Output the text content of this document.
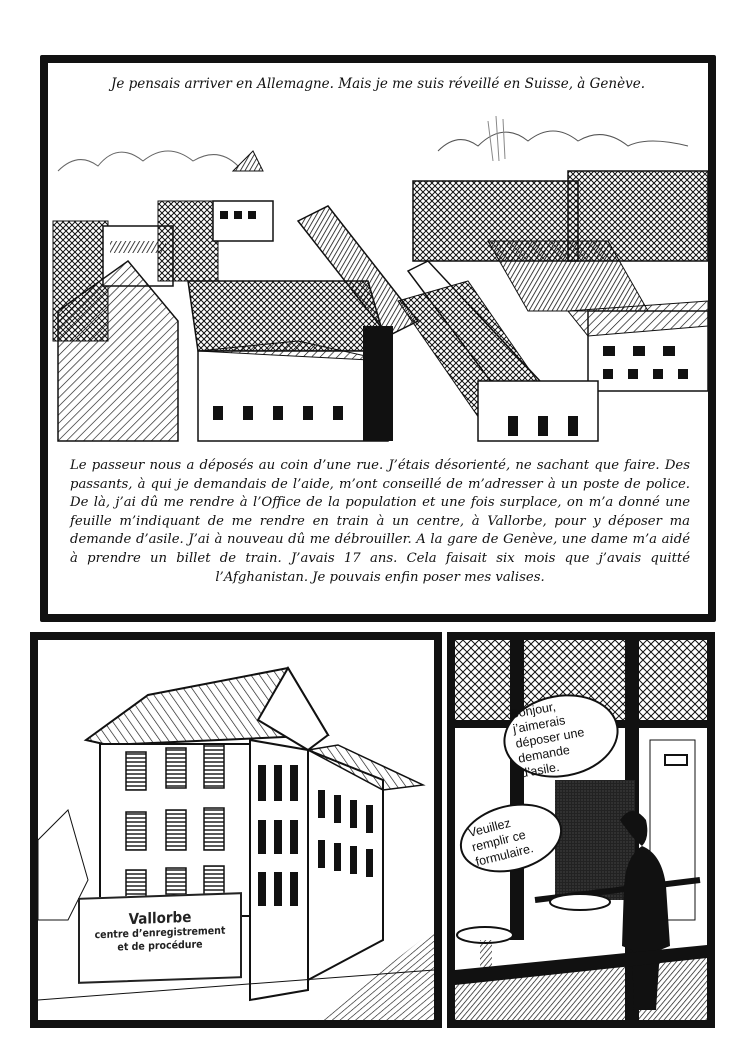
Je pensais arriver en Allemagne. Mais je me suis réveillé en Suisse, à Genève.
Le passeur nous a déposés au coin d’une rue. J’étais désorienté, ne sachant que faire. Des passants, à qui je demandais de l’aide, m’ont conseillé de m’adresser à un poste de police. De là, j’ai dû me rendre à l’Office de la population et une fois surplace, on m’a donné une feuille m’indiquant de me rendre en train à un centre, à Vallorbe, pour y déposer ma demande d’asile. J’ai à nouveau dû me débrouiller. A la gare de Genève, une dame m’a aidé à prendre un billet de train. J’avais 17 ans. Cela faisait six mois que j’avais quitté l’Afghanistan. Je pouvais enfin poser mes valises.
Vallorbe
centre d’enregistrement
et de procédure
Bonjour, j’aimerais déposer une demande d’asile.
Veuillez remplir ce formulaire.
